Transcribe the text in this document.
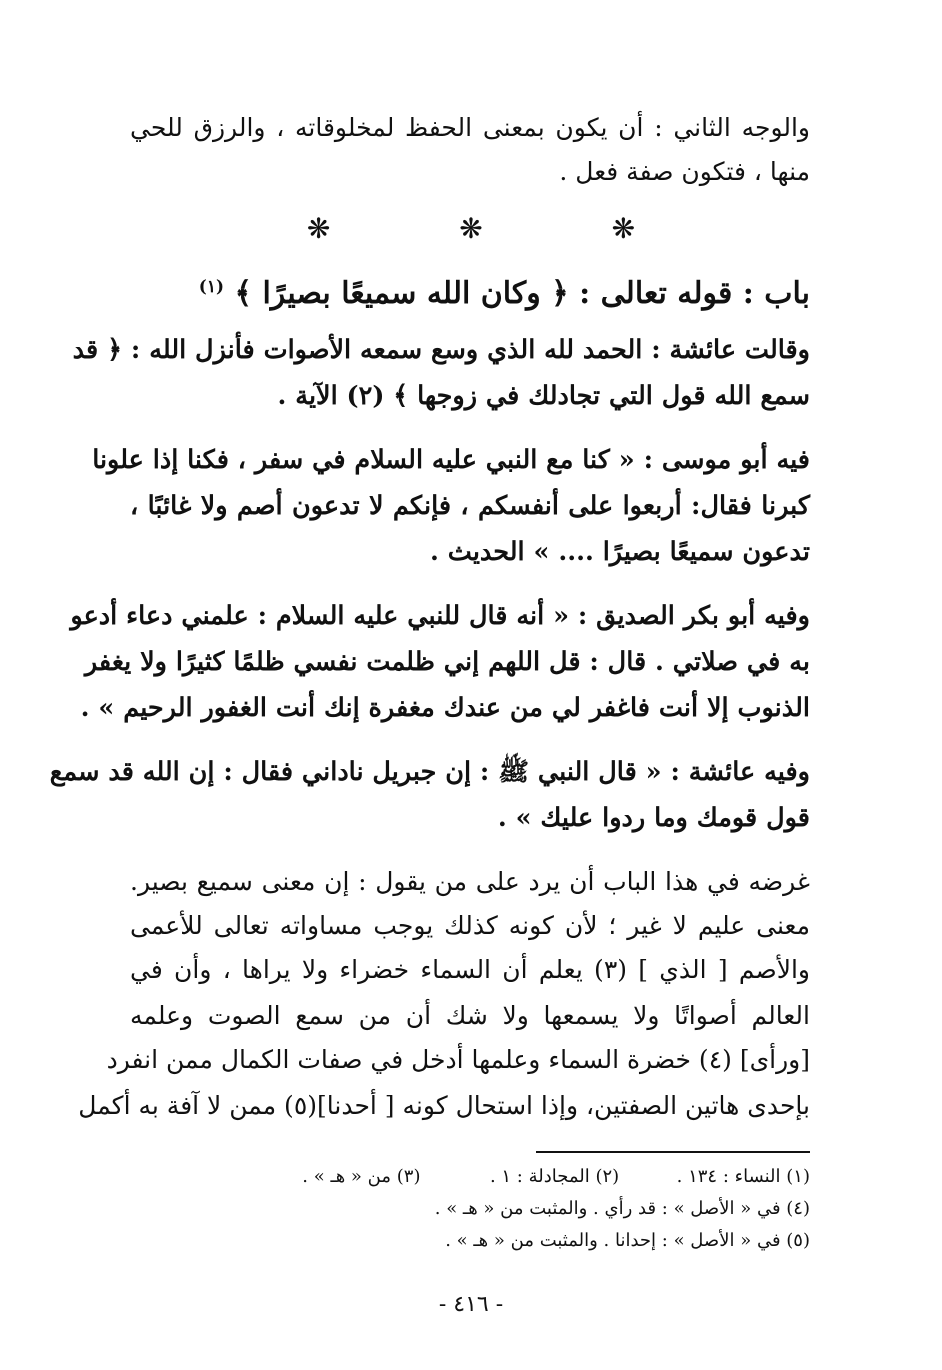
والوجه الثاني : أن يكون بمعنى الحفظ لمخلوقاته ، والرزق للحي
منها ، فتكون صفة فعل .
❋ ❋ ❋
باب : قوله تعالى : ﴿ وكان الله سميعًا بصيرًا ﴾ $^{(١)}$
وقالت عائشة : الحمد لله الذي وسع سمعه الأصوات فأنزل الله : ﴿ قد
سمع الله قول التي تجادلك في زوجها ﴾ (٢) الآية .
فيه أبو موسى : « كنا مع النبي عليه السلام في سفر ، فكنا إذا علونا
كبرنا فقال: أربعوا على أنفسكم ، فإنكم لا تدعون أصم ولا غائبًا ،
تدعون سميعًا بصيرًا .... » الحديث .
وفيه أبو بكر الصديق : « أنه قال للنبي عليه السلام : علمني دعاء أدعو
به في صلاتي . قال : قل اللهم إني ظلمت نفسي ظلمًا كثيرًا ولا يغفر
الذنوب إلا أنت فاغفر لي من عندك مغفرة إنك أنت الغفور الرحيم » .
وفيه عائشة : « قال النبي ﷺ : إن جبريل ناداني فقال : إن الله قد سمع
قول قومك وما ردوا عليك » .
غرضه في هذا الباب أن يرد على من يقول : إن معنى سميع بصير.
معنى عليم لا غير ؛ لأن كونه كذلك يوجب مساواته تعالى للأعمى
والأصم [ الذي ] (٣) يعلم أن السماء خضراء ولا يراها ، وأن في
العالم أصواتًا ولا يسمعها ولا شك أن من سمع الصوت وعلمه
[ورأى] (٤) خضرة السماء وعلمها أدخل في صفات الكمال ممن انفرد
بإحدى هاتين الصفتين، وإذا استحال كونه [ أحدنا](٥) ممن لا آفة به أكمل
(١) النساء : ١٣٤ .  (٢) المجادلة : ١ .  (٣) من « هـ » .
(٤) في « الأصل » : قد رأي . والمثبت من « هـ » .
(٥) في « الأصل » : إحدانا . والمثبت من « هـ » .
- ٤١٦ -
